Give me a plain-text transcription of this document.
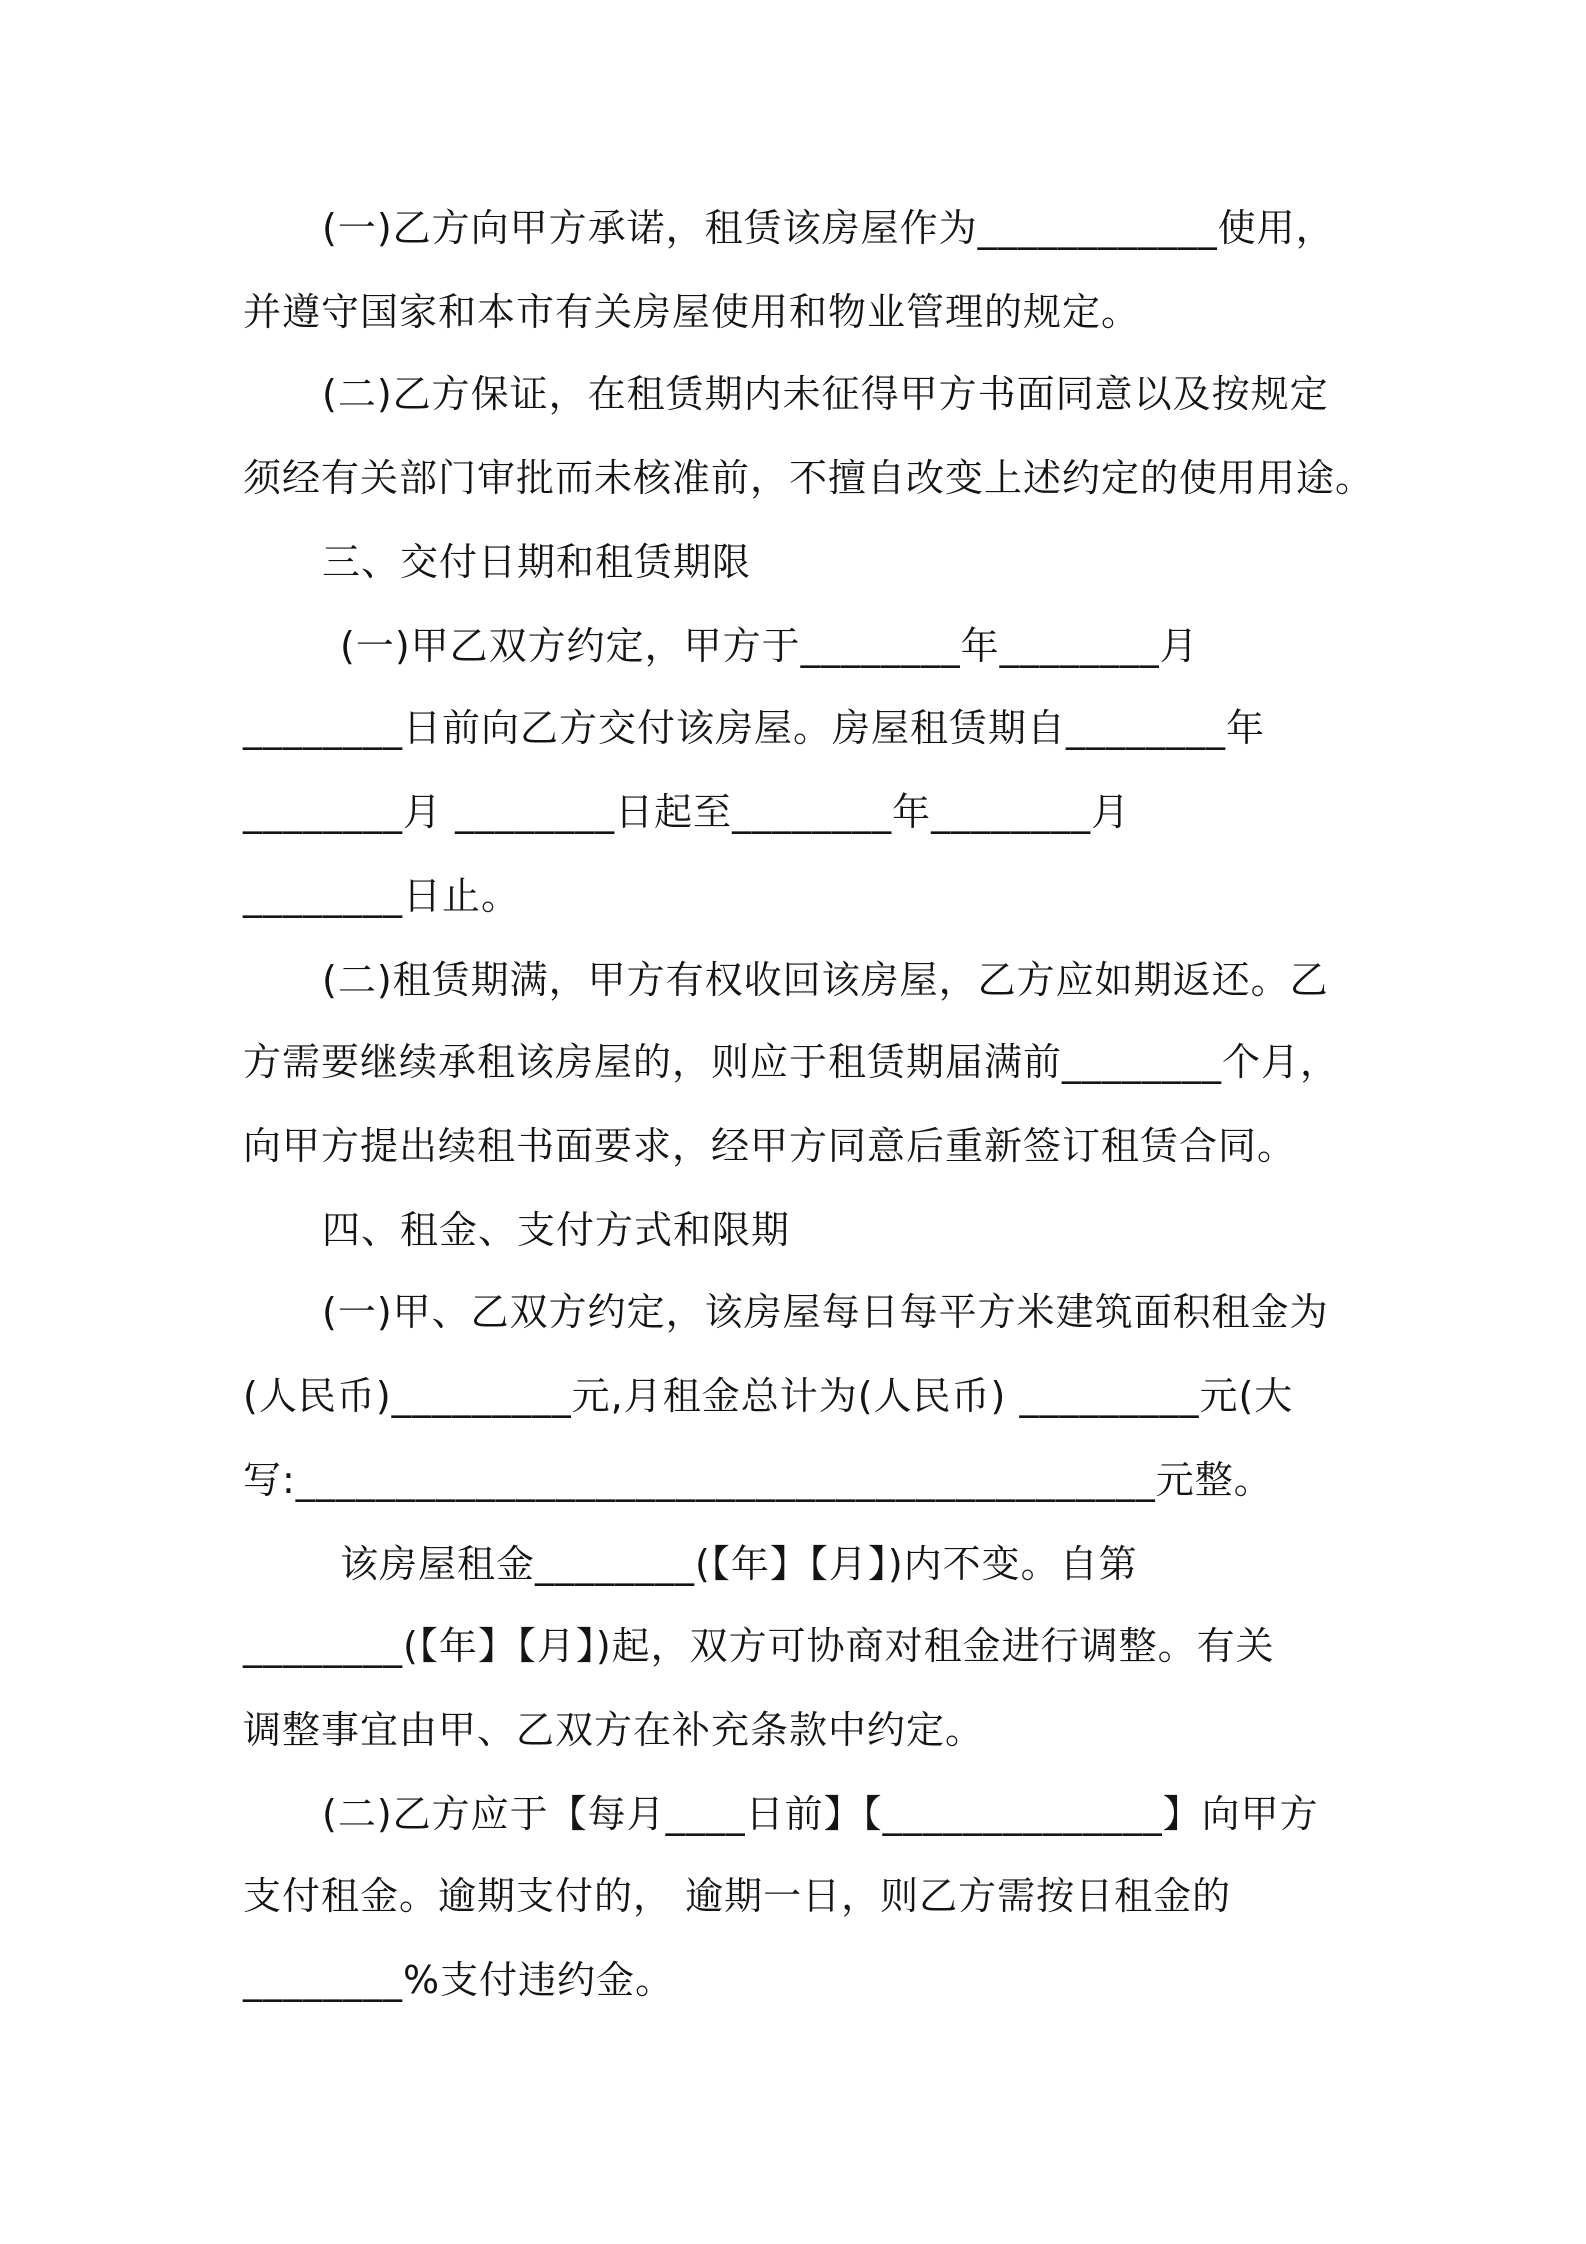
(一)乙方向甲方承诺，租赁该房屋作为____________使用，
并遵守国家和本市有关房屋使用和物业管理的规定。
(二)乙方保证，在租赁期内未征得甲方书面同意以及按规定
须经有关部门审批而未核准前，不擅自改变上述约定的使用用途。
三、交付日期和租赁期限
(一)甲乙双方约定，甲方于________年________月
________日前向乙方交付该房屋。房屋租赁期自________年
________月 ________日起至________年________月
________日止。
(二)租赁期满，甲方有权收回该房屋，乙方应如期返还。乙
方需要继续承租该房屋的，则应于租赁期届满前________个月，
向甲方提出续租书面要求，经甲方同意后重新签订租赁合同。
四、租金、支付方式和限期
(一)甲、乙双方约定，该房屋每日每平方米建筑面积租金为
(人民币)_________元,月租金总计为(人民币) _________元(大
写:___________________________________________元整。
该房屋租金________(【年】【月】)内不变。自第
________(【年】【月】)起，双方可协商对租金进行调整。有关
调整事宜由甲、乙双方在补充条款中约定。
(二)乙方应于【每月____日前】【______________】向甲方
支付租金。逾期支付的， 逾期一日，则乙方需按日租金的
________%支付违约金。
